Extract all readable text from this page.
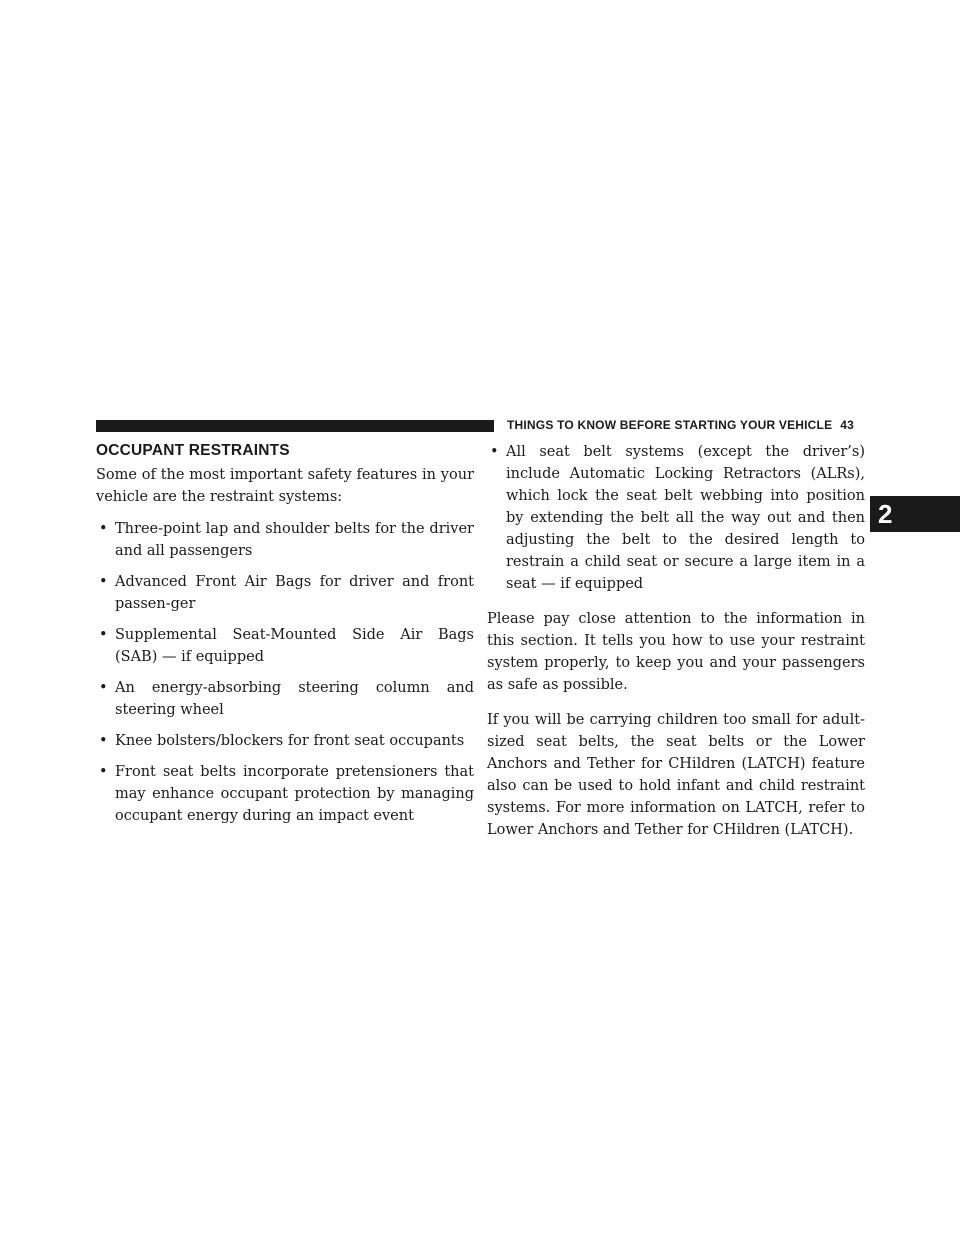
THINGS TO KNOW BEFORE STARTING YOUR VEHICLE 43
2
OCCUPANT RESTRAINTS

Some of the most important safety features in your vehicle are the restraint systems:

• Three-point lap and shoulder belts for the driver and all passengers
• Advanced Front Air Bags for driver and front passen-ger
• Supplemental Seat-Mounted Side Air Bags (SAB) — if equipped
• An energy-absorbing steering column and steering wheel
• Knee bolsters/blockers for front seat occupants
• Front seat belts incorporate pretensioners that may enhance occupant protection by managing occupant energy during an impact event
• All seat belt systems (except the driver’s) include Automatic Locking Retractors (ALRs), which lock the seat belt webbing into position by extending the belt all the way out and then adjusting the belt to the desired length to restrain a child seat or secure a large item in a seat — if equipped

Please pay close attention to the information in this section. It tells you how to use your restraint system properly, to keep you and your passengers as safe as possible.

If you will be carrying children too small for adult-sized seat belts, the seat belts or the Lower Anchors and Tether for CHildren (LATCH) feature also can be used to hold infant and child restraint systems. For more information on LATCH, refer to Lower Anchors and Tether for CHildren (LATCH).
